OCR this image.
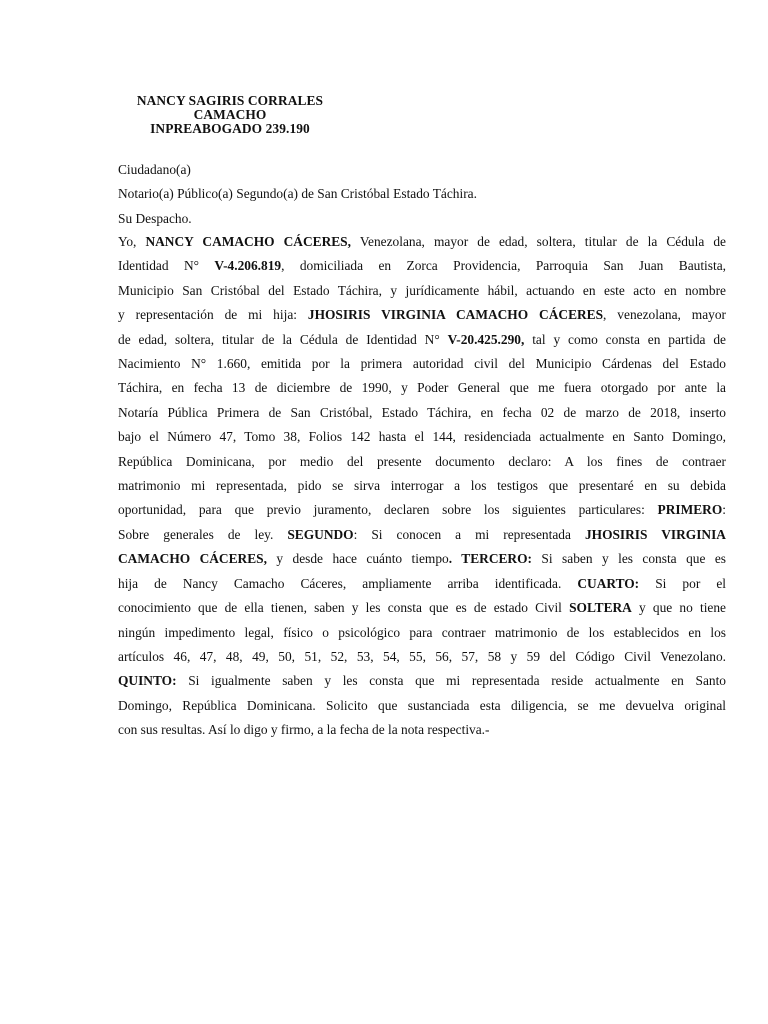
NANCY SAGIRIS CORRALES
CAMACHO
INPREABOGADO 239.190
Ciudadano(a)
Notario(a) Público(a) Segundo(a) de San Cristóbal Estado Táchira.
Su Despacho.
Yo, NANCY CAMACHO CÁCERES, Venezolana, mayor de edad, soltera, titular de la Cédula de
Identidad N° V-4.206.819, domiciliada en Zorca Providencia, Parroquia San Juan Bautista,
Municipio San Cristóbal del Estado Táchira, y jurídicamente hábil, actuando en este acto en nombre
y representación de mi hija: JHOSIRIS VIRGINIA CAMACHO CÁCERES, venezolana, mayor
de edad, soltera, titular de la Cédula de Identidad N° V-20.425.290, tal y como consta en partida de
Nacimiento N° 1.660, emitida por la primera autoridad civil del Municipio Cárdenas del Estado
Táchira, en fecha 13 de diciembre de 1990, y Poder General que me fuera otorgado por ante la
Notaría Pública Primera de San Cristóbal, Estado Táchira, en fecha 02 de marzo de 2018, inserto
bajo el Número 47, Tomo 38, Folios 142 hasta el 144, residenciada actualmente en Santo Domingo,
República Dominicana, por medio del presente documento declaro: A los fines de contraer
matrimonio mi representada, pido se sirva interrogar a los testigos que presentaré en su debida
oportunidad, para que previo juramento, declaren sobre los siguientes particulares: PRIMERO:
Sobre generales de ley. SEGUNDO: Si conocen a mi representada JHOSIRIS VIRGINIA
CAMACHO CÁCERES, y desde hace cuánto tiempo. TERCERO: Si saben y les consta que es
hija de Nancy Camacho Cáceres, ampliamente arriba identificada. CUARTO: Si por el
conocimiento que de ella tienen, saben y les consta que es de estado Civil SOLTERA y que no tiene
ningún impedimento legal, físico o psicológico para contraer matrimonio de los establecidos en los
artículos 46, 47, 48, 49, 50, 51, 52, 53, 54, 55, 56, 57, 58 y 59 del Código Civil Venezolano.
QUINTO: Si igualmente saben y les consta que mi representada reside actualmente en Santo
Domingo, República Dominicana. Solicito que sustanciada esta diligencia, se me devuelva original
con sus resultas. Así lo digo y firmo, a la fecha de la nota respectiva.-
